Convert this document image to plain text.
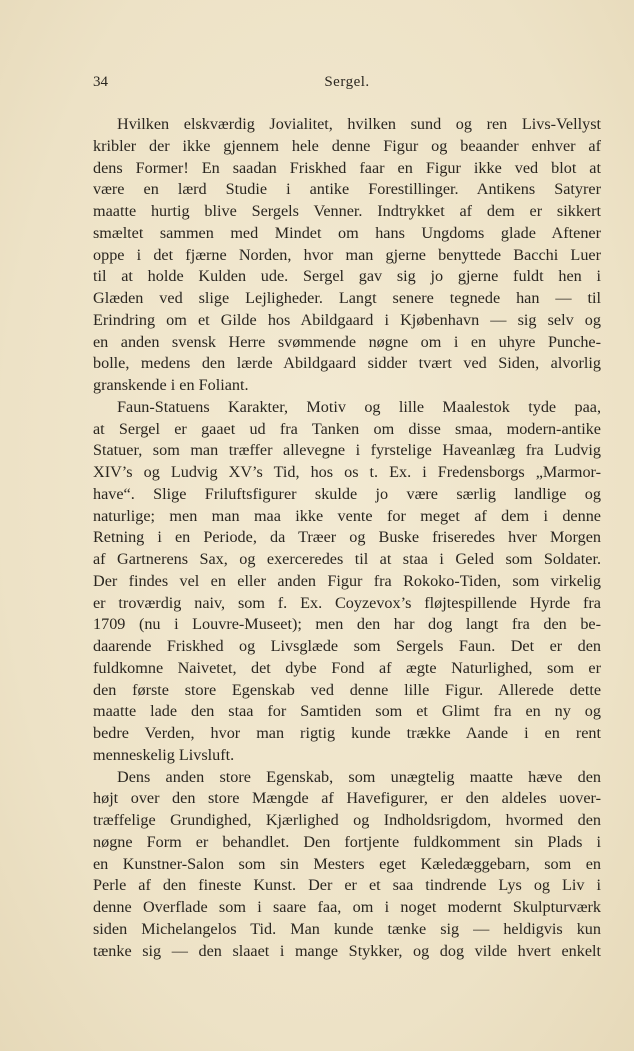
34	Sergel.
Hvilken elskværdig Jovialitet, hvilken sund og ren Livs-Vellyst
kribler der ikke gjennem hele denne Figur og beaander enhver af
dens Former! En saadan Friskhed faar en Figur ikke ved blot at
være en lærd Studie i antike Forestillinger. Antikens Satyrer
maatte hurtig blive Sergels Venner. Indtrykket af dem er sikkert
smæltet sammen med Mindet om hans Ungdoms glade Aftener
oppe i det fjærne Norden, hvor man gjerne benyttede Bacchi Luer
til at holde Kulden ude. Sergel gav sig jo gjerne fuldt hen i
Glæden ved slige Lejligheder. Langt senere tegnede han — til
Erindring om et Gilde hos Abildgaard i Kjøbenhavn — sig selv og
en anden svensk Herre svømmende nøgne om i en uhyre Punche-
bolle, medens den lærde Abildgaard sidder tvært ved Siden, alvorlig
granskende i en Foliant.
Faun-Statuens Karakter, Motiv og lille Maalestok tyde paa,
at Sergel er gaaet ud fra Tanken om disse smaa, modern-antike
Statuer, som man træffer allevegne i fyrstelige Haveanlæg fra Ludvig
XIV’s og Ludvig XV’s Tid, hos os t. Ex. i Fredensborgs „Marmor-
have“. Slige Friluftsfigurer skulde jo være særlig landlige og
naturlige; men man maa ikke vente for meget af dem i denne
Retning i en Periode, da Træer og Buske friseredes hver Morgen
af Gartnerens Sax, og exerceredes til at staa i Geled som Soldater.
Der findes vel en eller anden Figur fra Rokoko-Tiden, som virkelig
er troværdig naiv, som f. Ex. Coyzevox’s fløjtespillende Hyrde fra
1709 (nu i Louvre-Museet); men den har dog langt fra den be-
daarende Friskhed og Livsglæde som Sergels Faun. Det er den
fuldkomne Naivetet, det dybe Fond af ægte Naturlighed, som er
den første store Egenskab ved denne lille Figur. Allerede dette
maatte lade den staa for Samtiden som et Glimt fra en ny og
bedre Verden, hvor man rigtig kunde trække Aande i en rent
menneskelig Livsluft.
Dens anden store Egenskab, som unægtelig maatte hæve den
højt over den store Mængde af Havefigurer, er den aldeles uover-
træffelige Grundighed, Kjærlighed og Indholdsrigdom, hvormed den
nøgne Form er behandlet. Den fortjente fuldkomment sin Plads i
en Kunstner-Salon som sin Mesters eget Kæledæggebarn, som en
Perle af den fineste Kunst. Der er et saa tindrende Lys og Liv i
denne Overflade som i saare faa, om i noget modernt Skulpturværk
siden Michelangelos Tid. Man kunde tænke sig — heldigvis kun
tænke sig — den slaaet i mange Stykker, og dog vilde hvert enkelt
